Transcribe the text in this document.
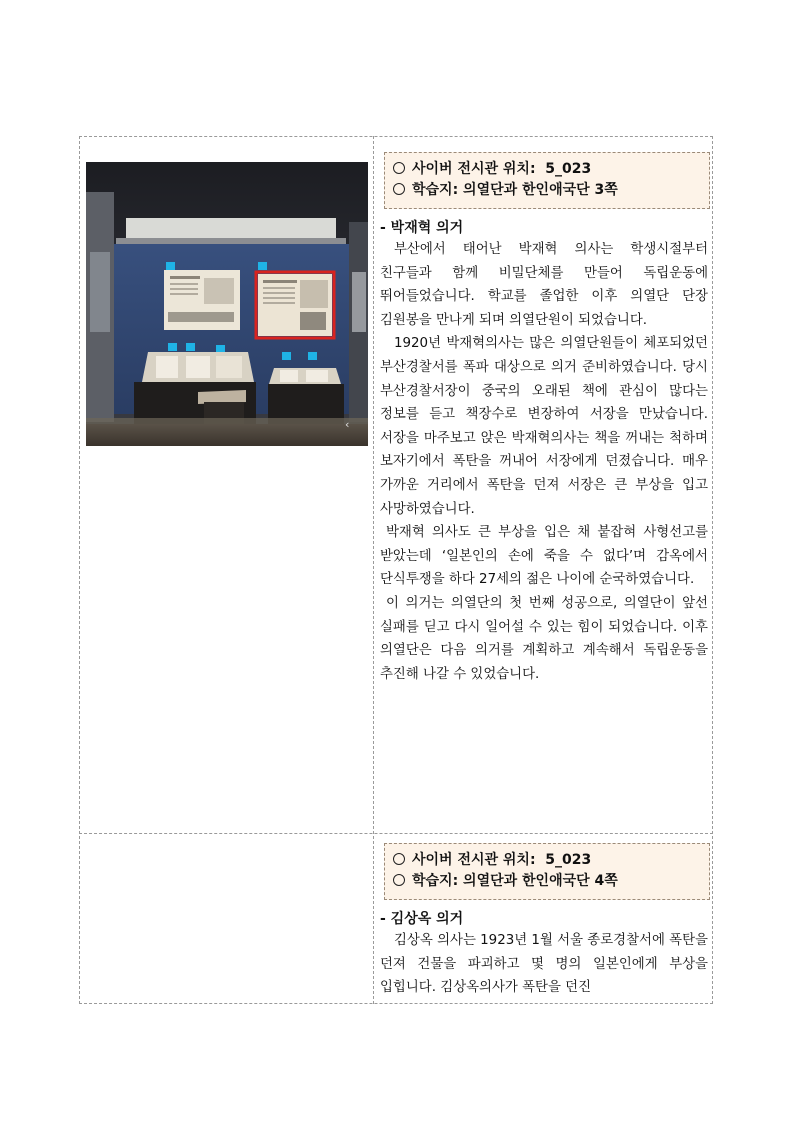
‹
사이버 전시관 위치: 5_023
학습지: 의열단과 한인애국단 3쪽
- 박재혁 의거

부산에서 태어난 박재혁 의사는 학생시절부터 친구들과 함께 비밀단체를 만들어 독립운동에 뛰어들었습니다. 학교를 졸업한 이후 의열단 단장 김원봉을 만나게 되며 의열단원이 되었습니다.

1920년 박재혁의사는 많은 의열단원들이 체포되었던 부산경찰서를 폭파 대상으로 의거 준비하였습니다. 당시 부산경찰서장이 중국의 오래된 책에 관심이 많다는 정보를 듣고 책장수로 변장하여 서장을 만났습니다. 서장을 마주보고 앉은 박재혁의사는 책을 꺼내는 척하며 보자기에서 폭탄을 꺼내어 서장에게 던졌습니다. 매우 가까운 거리에서 폭탄을 던져 서장은 큰 부상을 입고 사망하였습니다.

박재혁 의사도 큰 부상을 입은 채 붙잡혀 사형선고를 받았는데 ‘일본인의 손에 죽을 수 없다’며 감옥에서 단식투쟁을 하다 27세의 젊은 나이에 순국하였습니다.

이 의거는 의열단의 첫 번째 성공으로, 의열단이 앞선 실패를 딛고 다시 일어설 수 있는 힘이 되었습니다. 이후 의열단은 다음 의거를 계획하고 계속해서 독립운동을 추진해 나갈 수 있었습니다.

사이버 전시관 위치: 5_023
학습지: 의열단과 한인애국단 4쪽
- 김상옥 의거

김상옥 의사는 1923년 1월 서울 종로경찰서에 폭탄을 던져 건물을 파괴하고 몇 명의 일본인에게 부상을 입힙니다. 김상옥의사가 폭탄을 던진
